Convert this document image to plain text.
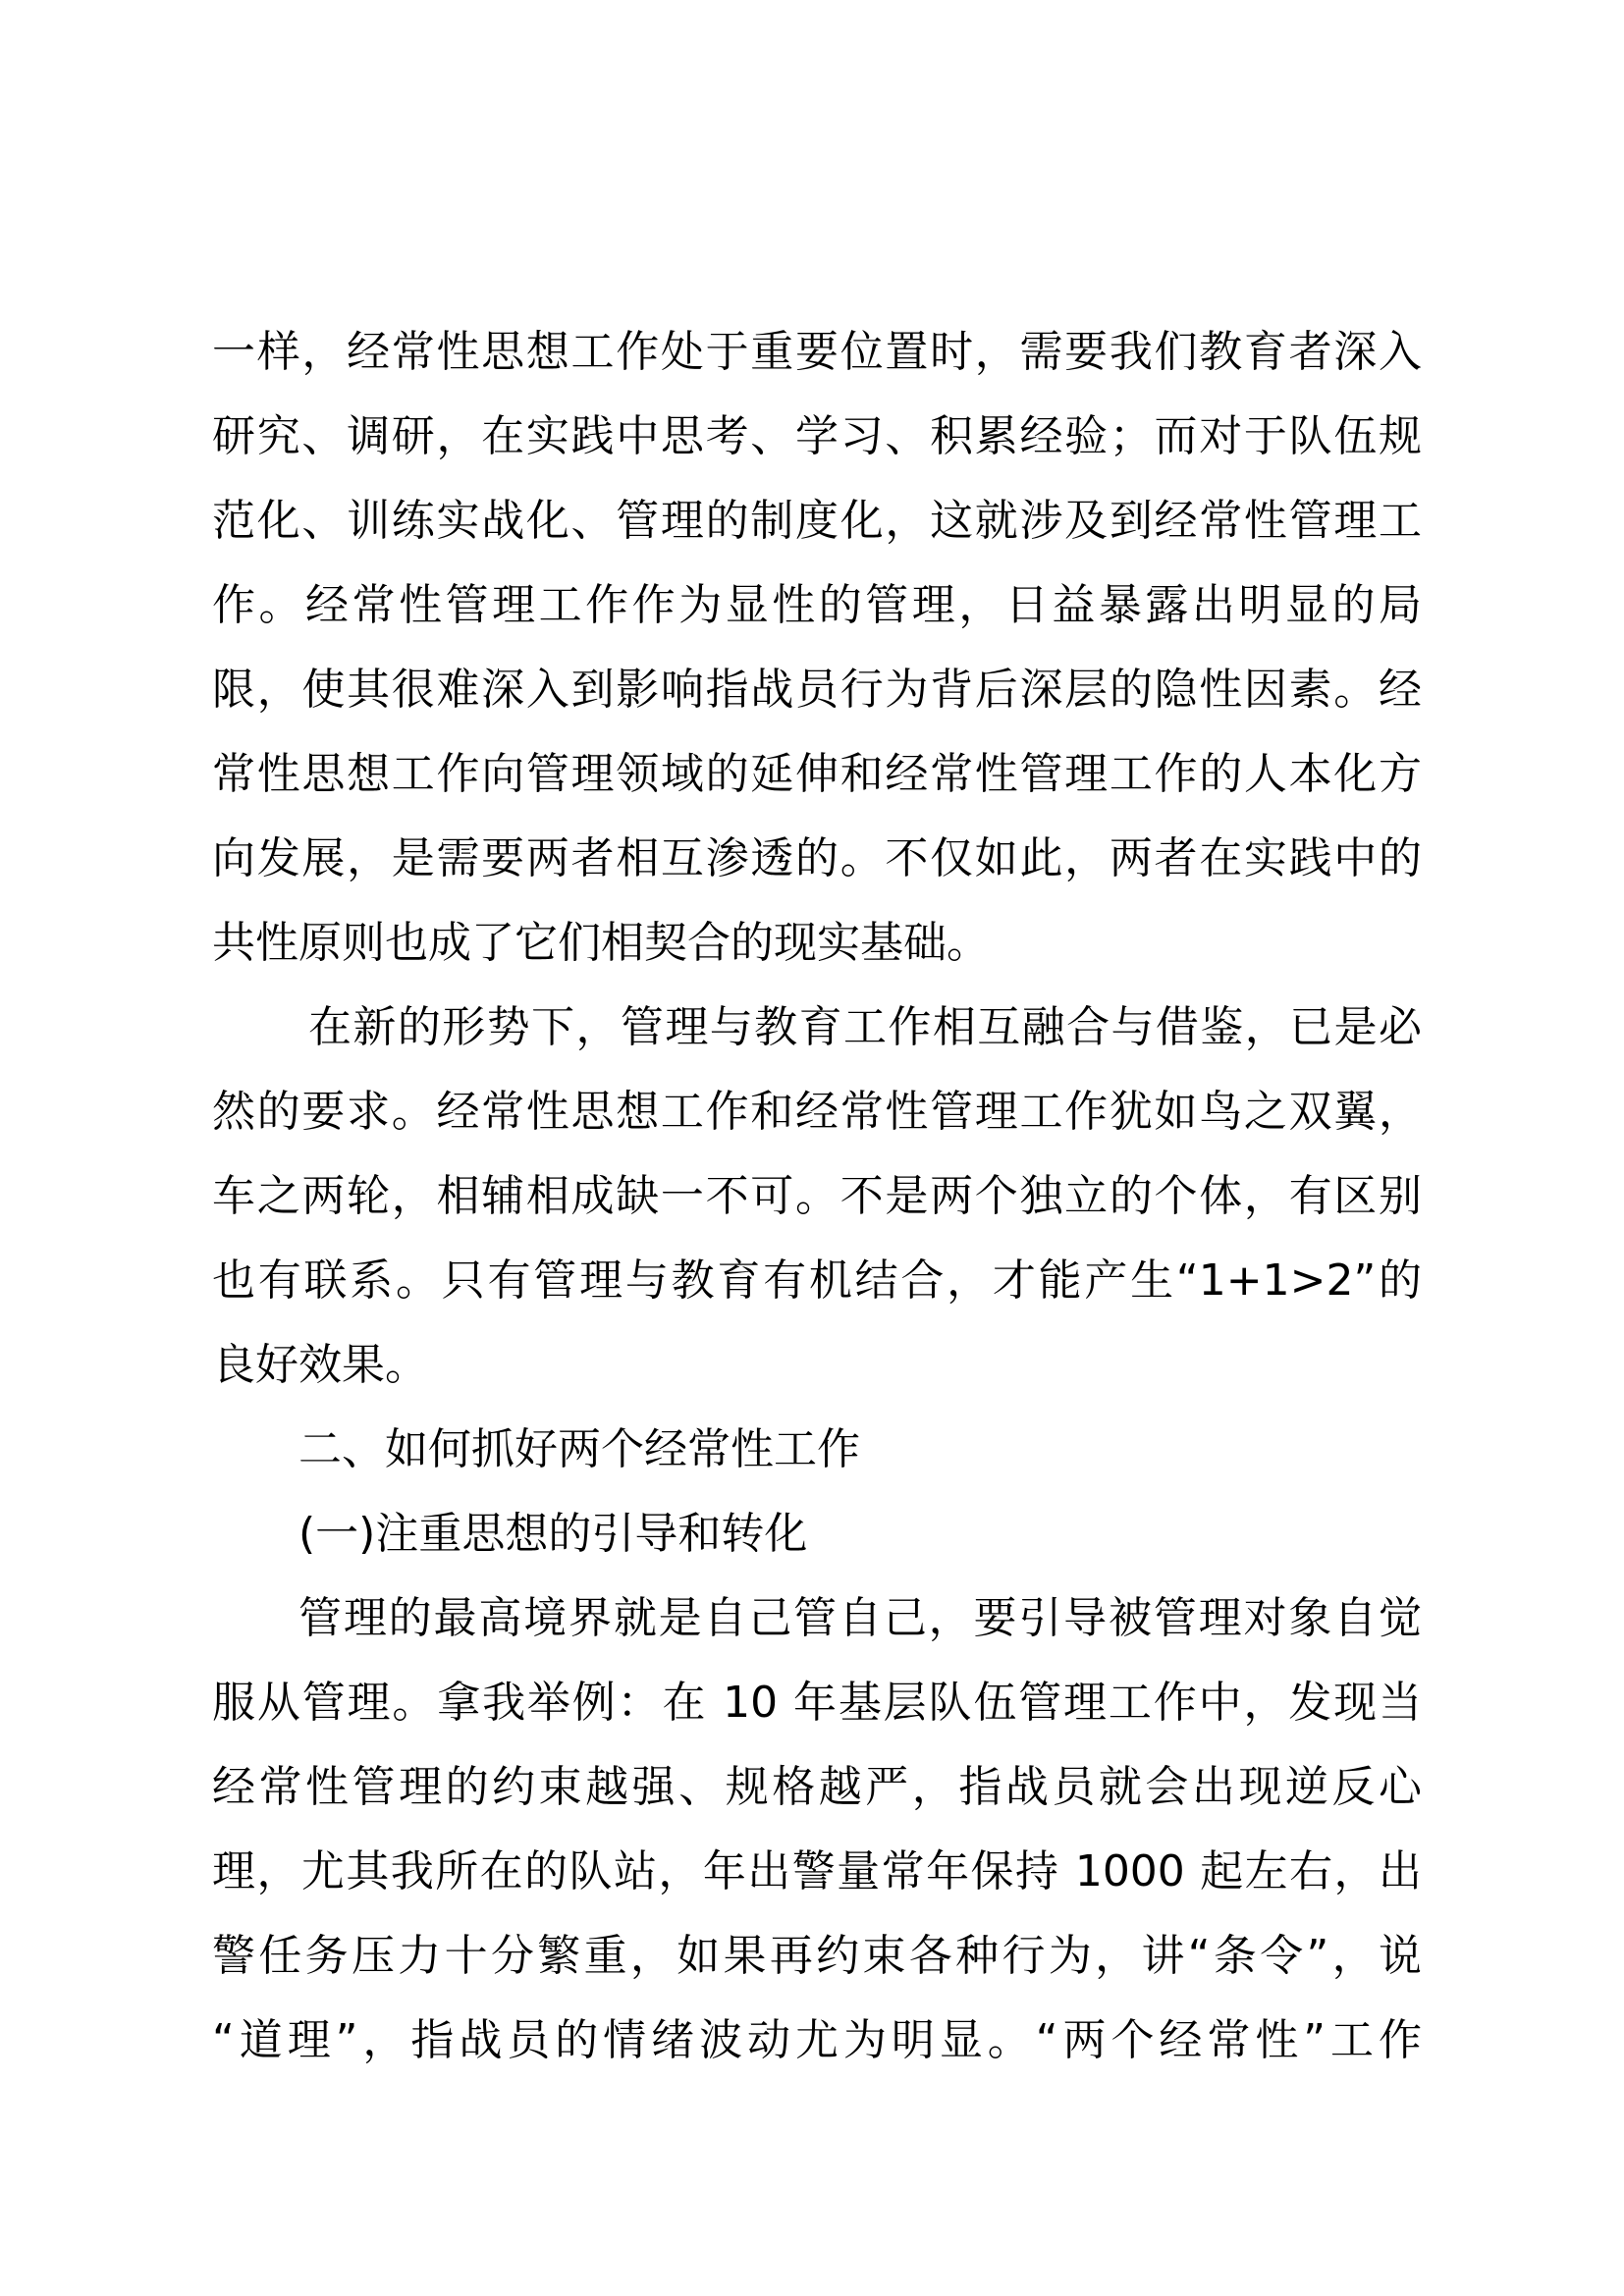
一样，经常性思想工作处于重要位置时，需要我们教育者深入
研究、调研，在实践中思考、学习、积累经验；而对于队伍规
范化、训练实战化、管理的制度化，这就涉及到经常性管理工
作。经常性管理工作作为显性的管理，日益暴露出明显的局
限，使其很难深入到影响指战员行为背后深层的隐性因素。经
常性思想工作向管理领域的延伸和经常性管理工作的人本化方
向发展，是需要两者相互渗透的。不仅如此，两者在实践中的
共性原则也成了它们相契合的现实基础。
在新的形势下，管理与教育工作相互融合与借鉴，已是必
然的要求。经常性思想工作和经常性管理工作犹如鸟之双翼，
车之两轮，相辅相成缺一不可。不是两个独立的个体，有区别
也有联系。只有管理与教育有机结合，才能产生“1+1>2”的
良好效果。
二、如何抓好两个经常性工作
(一)注重思想的引导和转化
管理的最高境界就是自己管自己，要引导被管理对象自觉
服从管理。拿我举例：在 10 年基层队伍管理工作中，发现当
经常性管理的约束越强、规格越严，指战员就会出现逆反心
理，尤其我所在的队站，年出警量常年保持 1000 起左右，出
警任务压力十分繁重，如果再约束各种行为，讲“条令”，说
“道理”，指战员的情绪波动尤为明显。“两个经常性”工作
